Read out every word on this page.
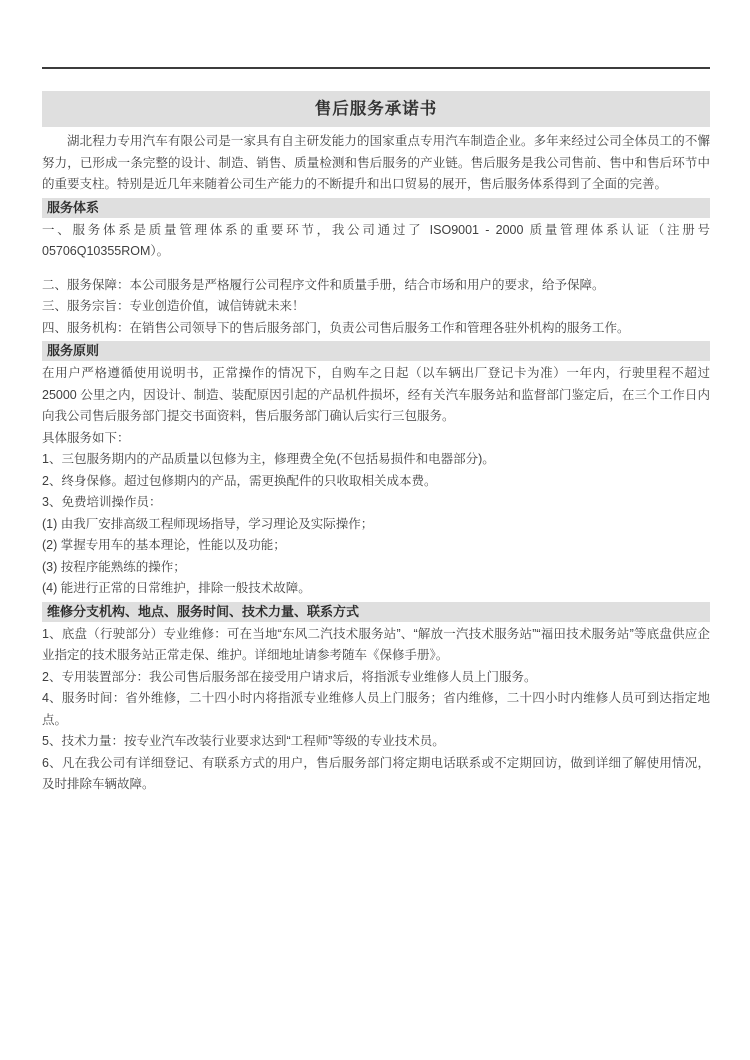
售后服务承诺书

湖北程力专用汽车有限公司是一家具有自主研发能力的国家重点专用汽车制造企业。多年来经过公司全体员工的不懈努力，已形成一条完整的设计、制造、销售、质量检测和售后服务的产业链。售后服务是我公司售前、售中和售后环节中的重要支柱。特别是近几年来随着公司生产能力的不断提升和出口贸易的展开，售后服务体系得到了全面的完善。

服务体系

一、服务体系是质量管理体系的重要环节，我公司通过了 ISO9001 - 2000 质量管理体系认证（注册号 05706Q10355ROM）。

二、服务保障：本公司服务是严格履行公司程序文件和质量手册，结合市场和用户的要求，给予保障。

三、服务宗旨：专业创造价值，诚信铸就未来！

四、服务机构：在销售公司领导下的售后服务部门，负责公司售后服务工作和管理各驻外机构的服务工作。

服务原则

在用户严格遵循使用说明书，正常操作的情况下，自购车之日起（以车辆出厂登记卡为准）一年内，行驶里程不超过 25000 公里之内，因设计、制造、装配原因引起的产品机件损坏，经有关汽车服务站和监督部门鉴定后，在三个工作日内向我公司售后服务部门提交书面资料，售后服务部门确认后实行三包服务。

具体服务如下：

1、三包服务期内的产品质量以包修为主，修理费全免(不包括易损件和电器部分)。

2、终身保修。超过包修期内的产品，需更换配件的只收取相关成本费。

3、免费培训操作员：

(1) 由我厂安排高级工程师现场指导，学习理论及实际操作；

(2) 掌握专用车的基本理论，性能以及功能；

(3) 按程序能熟练的操作；

(4) 能进行正常的日常维护，排除一般技术故障。

维修分支机构、地点、服务时间、技术力量、联系方式

1、底盘（行驶部分）专业维修：可在当地“东风二汽技术服务站”、“解放一汽技术服务站”“福田技术服务站”等底盘供应企业指定的技术服务站正常走保、维护。详细地址请参考随车《保修手册》。

2、专用装置部分：我公司售后服务部在接受用户请求后，将指派专业维修人员上门服务。

4、服务时间：省外维修，二十四小时内将指派专业维修人员上门服务；省内维修，二十四小时内维修人员可到达指定地点。

5、技术力量：按专业汽车改装行业要求达到“工程师”等级的专业技术员。

6、凡在我公司有详细登记、有联系方式的用户，售后服务部门将定期电话联系或不定期回访，做到详细了解使用情况，及时排除车辆故障。
